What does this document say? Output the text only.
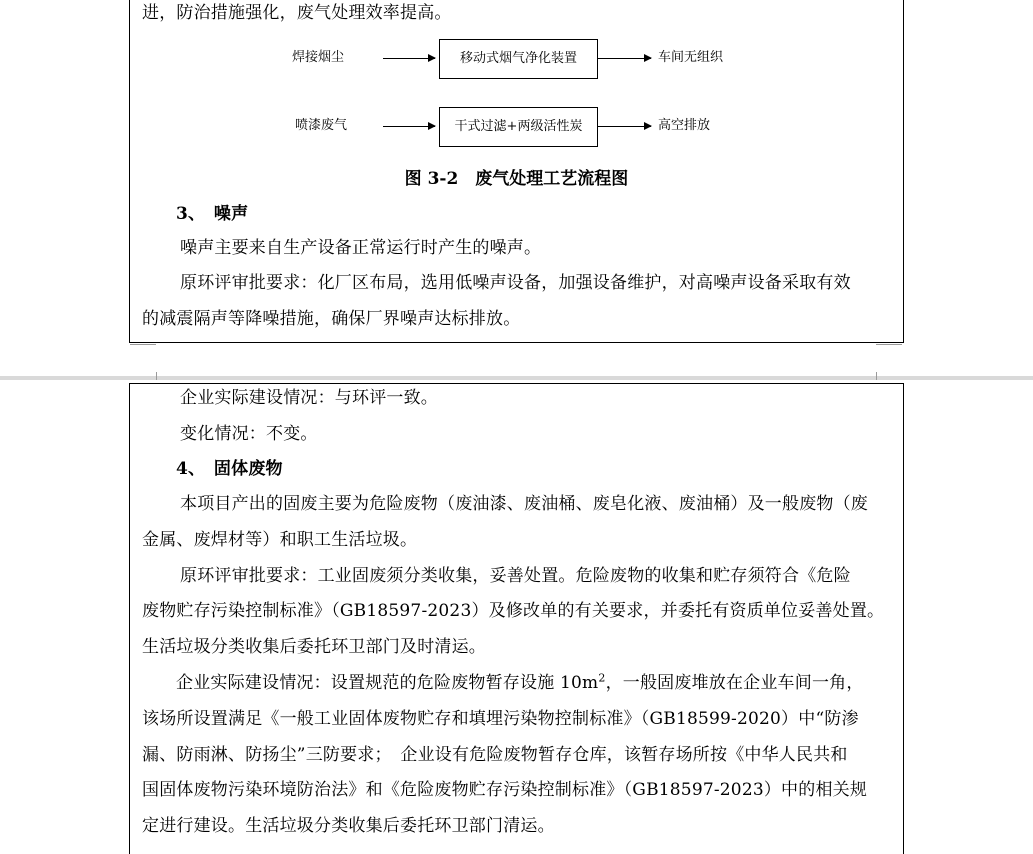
进，防治措施强化，废气处理效率提高。
焊接烟尘	移动式烟气净化装置	车间无组织
喷漆废气	干式过滤+两级活性炭	高空排放
图 3-2　废气处理工艺流程图
3、　噪声
噪声主要来自生产设备正常运行时产生的噪声。
原环评审批要求：化厂区布局，选用低噪声设备，加强设备维护，对高噪声设备采取有效
的减震隔声等降噪措施，确保厂界噪声达标排放。
企业实际建设情况：与环评一致。
变化情况：不变。
4、　固体废物
本项目产出的固废主要为危险废物（废油漆、废油桶、废皂化液、废油桶）及一般废物（废
金属、废焊材等）和职工生活垃圾。
原环评审批要求：工业固废须分类收集，妥善处置。危险废物的收集和贮存须符合《危险
废物贮存污染控制标准》（GB18597-2023）及修改单的有关要求，并委托有资质单位妥善处置。
生活垃圾分类收集后委托环卫部门及时清运。
企业实际建设情况：设置规范的危险废物暂存设施 $10m^2$，一般固废堆放在企业车间一角，
该场所设置满足《一般工业固体废物贮存和填埋污染物控制标准》（GB18599-2020）中“防渗
漏、防雨淋、防扬尘”三防要求；　企业设有危险废物暂存仓库，该暂存场所按《中华人民共和
国固体废物污染环境防治法》和《危险废物贮存污染控制标准》（GB18597-2023）中的相关规
定进行建设。生活垃圾分类收集后委托环卫部门清运。
